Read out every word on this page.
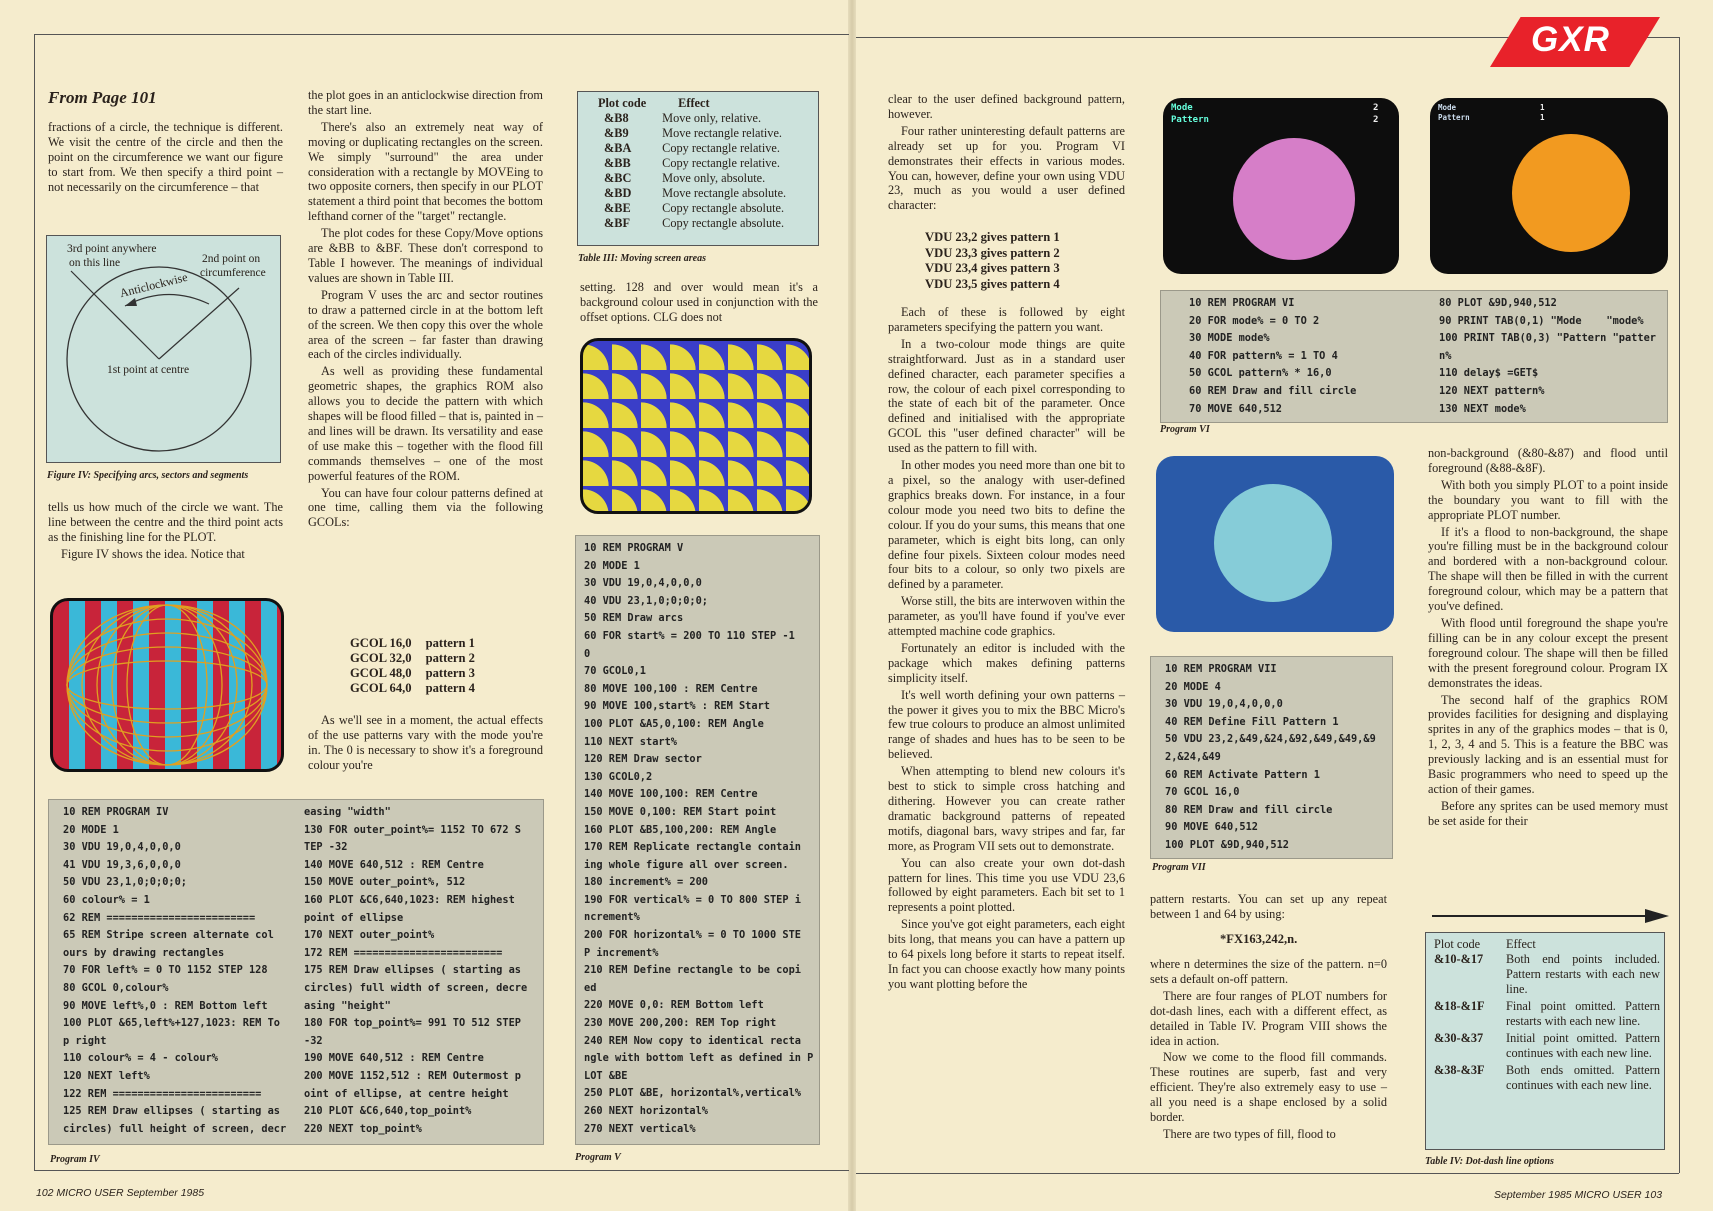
From Page 101

fractions of a circle, the technique is different. We visit the centre of the circle and then the point on the circumference we want our figure to start from. We then specify a third point – not necessarily on the circumference – that

3rd point anywhere
on this line	2nd point on
circumference
Anticlockwise
1st point at centre
Figure IV: Specifying arcs, sectors and segments

tells us how much of the circle we want. The line between the centre and the third point acts as the finishing line for the PLOT.

Figure IV shows the idea. Notice that

the plot goes in an anticlockwise direction from the start line.

There's also an extremely neat way of moving or duplicating rectangles on the screen. We simply "surround" the area under consideration with a rectangle by MOVEing to two opposite corners, then specify in our PLOT statement a third point that becomes the bottom lefthand corner of the "target" rectangle.

The plot codes for these Copy/Move options are &BB to &BF. These don't correspond to Table I however. The meanings of individual values are shown in Table III.

Program V uses the arc and sector routines to draw a patterned circle in at the bottom left of the screen. We then copy this over the whole area of the screen – far faster than drawing each of the circles individually.

As well as providing these fundamental geometric shapes, the graphics ROM also allows you to decide the pattern with which shapes will be flood filled – that is, painted in – and lines will be drawn. Its versatility and ease of use make this – together with the flood fill commands themselves – one of the most powerful features of the ROM.

You can have four colour patterns defined at one time, calling them via the following GCOLs:

GCOL 16,0	pattern 1
GCOL 32,0	pattern 2
GCOL 48,0	pattern 3
GCOL 64,0	pattern 4

As we'll see in a moment, the actual effects of the use patterns vary with the mode you're in. The 0 is necessary to show it's a foreground colour you're

Plot code	Effect
&B8	Move only, relative.
&B9	Move rectangle relative.
&BA	Copy rectangle relative.
&BB	Copy rectangle relative.
&BC	Move only, absolute.
&BD	Move rectangle absolute.
&BE	Copy rectangle absolute.
&BF	Copy rectangle absolute.
Table III: Moving screen areas

setting. 128 and over would mean it's a background colour used in conjunction with the offset options. CLG does not

10 REM PROGRAM IV
20 MODE 1
30 VDU 19,0,4,0,0,0
41 VDU 19,3,6,0,0,0
50 VDU 23,1,0;0;0;0;
60 colour% = 1
62 REM ========================
65 REM Stripe screen alternate col
ours by drawing rectangles
70 FOR left% = 0 TO 1152 STEP 128
80 GCOL 0,colour%
90 MOVE left%,0 : REM Bottom left
100 PLOT &65,left%+127,1023: REM To
p right
110 colour% = 4 - colour%
120 NEXT left%
122 REM ========================
125 REM Draw ellipses ( starting as
circles) full height of screen, decr
easing "width"
130 FOR outer_point%= 1152 TO 672 S
TEP -32
140 MOVE 640,512 : REM Centre
150 MOVE outer_point%, 512
160 PLOT &C6,640,1023: REM highest
point of ellipse
170 NEXT outer_point%
172 REM ========================
175 REM Draw ellipses ( starting as
circles) full width of screen, decre
asing "height"
180 FOR top_point%= 991 TO 512 STEP
-32
190 MOVE 640,512 : REM Centre
200 MOVE 1152,512 : REM Outermost p
oint of ellipse, at centre height
210 PLOT &C6,640,top_point%
220 NEXT top_point%
Program IV
10 REM PROGRAM V
20 MODE 1
30 VDU 19,0,4,0,0,0
40 VDU 23,1,0;0;0;0;
50 REM Draw arcs
60 FOR start% = 200 TO 110 STEP -1
0
70 GCOL0,1
80 MOVE 100,100 : REM Centre
90 MOVE 100,start% : REM Start
100 PLOT &A5,0,100: REM Angle
110 NEXT start%
120 REM Draw sector
130 GCOL0,2
140 MOVE 100,100: REM Centre
150 MOVE 0,100: REM Start point
160 PLOT &B5,100,200: REM Angle
170 REM Replicate rectangle contain
ing whole figure all over screen.
180 increment% = 200
190 FOR vertical% = 0 TO 800 STEP i
ncrement%
200 FOR horizontal% = 0 TO 1000 STE
P increment%
210 REM Define rectangle to be copi
ed
220 MOVE 0,0: REM Bottom left
230 MOVE 200,200: REM Top right
240 REM Now copy to identical recta
ngle with bottom left as defined in P
LOT &BE
250 PLOT &BE, horizontal%,vertical%
260 NEXT horizontal%
270 NEXT vertical%
Program V
102 MICRO USER September 1985
GXR

clear to the user defined background pattern, however.

Four rather uninteresting default patterns are already set up for you. Program VI demonstrates their effects in various modes. You can, however, define your own using VDU 23, much as you would a user defined character:

VDU 23,2 gives pattern 1
VDU 23,3 gives pattern 2
VDU 23,4 gives pattern 3
VDU 23,5 gives pattern 4

Each of these is followed by eight parameters specifying the pattern you want.

In a two-colour mode things are quite straightforward. Just as in a standard user defined character, each parameter specifies a row, the colour of each pixel corresponding to the state of each bit of the parameter. Once defined and initialised with the appropriate GCOL this "user defined character" will be used as the pattern to fill with.

In other modes you need more than one bit to a pixel, so the analogy with user-defined graphics breaks down. For instance, in a four colour mode you need two bits to define the colour. If you do your sums, this means that one parameter, which is eight bits long, can only define four pixels. Sixteen colour modes need four bits to a colour, so only two pixels are defined by a parameter.

Worse still, the bits are interwoven within the parameter, as you'll have found if you've ever attempted machine code graphics.

Fortunately an editor is included with the package which makes defining patterns simplicity itself.

It's well worth defining your own patterns – the power it gives you to mix the BBC Micro's few true colours to produce an almost unlimited range of shades and hues has to be seen to be believed.

When attempting to blend new colours it's best to stick to simple cross hatching and dithering. However you can create rather dramatic background patterns of repeated motifs, diagonal bars, wavy stripes and far, far more, as Program VII sets out to demonstrate.

You can also create your own dot-dash pattern for lines. This time you use VDU 23,6 followed by eight parameters. Each bit set to 1 represents a point plotted.

Since you've got eight parameters, each eight bits long, that means you can have a pattern up to 64 pixels long before it starts to repeat itself. In fact you can choose exactly how many points you want plotting before the

Mode
Pattern
2
2
Mode
Pattern
1
1
10 REM PROGRAM VI
20 FOR mode% = 0 TO 2
30 MODE mode%
40 FOR pattern% = 1 TO 4
50 GCOL pattern% * 16,0
60 REM Draw and fill circle
70 MOVE 640,512
80 PLOT &9D,940,512
90 PRINT TAB(0,1) "Mode    "mode%
100 PRINT TAB(0,3) "Pattern "patter
n%
110 delay$ =GET$
120 NEXT pattern%
130 NEXT mode%
Program VI
10 REM PROGRAM VII
20 MODE 4
30 VDU 19,0,4,0,0,0
40 REM Define Fill Pattern 1
50 VDU 23,2,&49,&24,&92,&49,&49,&9
2,&24,&49
60 REM Activate Pattern 1
70 GCOL 16,0
80 REM Draw and fill circle
90 MOVE 640,512
100 PLOT &9D,940,512
Program VII

pattern restarts. You can set up any repeat between 1 and 64 by using:

*FX163,242,n.

where n determines the size of the pattern. n=0 sets a default on-off pattern.

There are four ranges of PLOT numbers for dot-dash lines, each with a different effect, as detailed in Table IV. Program VIII shows the idea in action.

Now we come to the flood fill commands. These routines are superb, fast and very efficient. They're also extremely easy to use – all you need is a shape enclosed by a solid border.

There are two types of fill, flood to

non-background (&80-&87) and flood until foreground (&88-&8F).

With both you simply PLOT to a point inside the boundary you want to fill with the appropriate PLOT number.

If it's a flood to non-background, the shape you're filling must be in the background colour and bordered with a non-background colour. The shape will then be filled in with the current foreground colour, which may be a pattern that you've defined.

With flood until foreground the shape you're filling can be in any colour except the present foreground colour. The shape will then be filled with the present foreground colour. Program IX demonstrates the ideas.

The second half of the graphics ROM provides facilities for designing and displaying sprites in any of the graphics modes – that is 0, 1, 2, 3, 4 and 5. This is a feature the BBC was previously lacking and is an essential must for Basic programmers who need to speed up the action of their games.

Before any sprites can be used memory must be set aside for their

Plot code	Effect
&10-&17	Both end points included. Pattern restarts with each new line.
&18-&1F	Final point omitted. Pattern restarts with each new line.
&30-&37	Initial point omitted. Pattern continues with each new line.
&38-&3F	Both ends omitted. Pattern continues with each new line.
Table IV: Dot-dash line options
September 1985 MICRO USER 103
